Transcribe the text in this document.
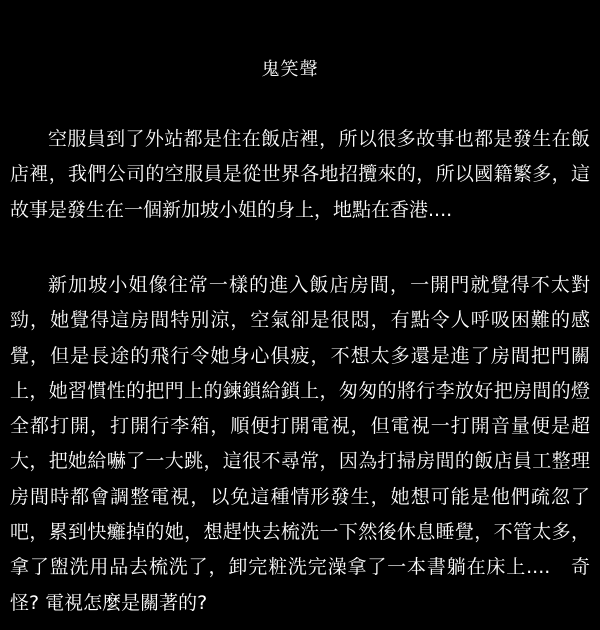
鬼笑聲

空服員到了外站都是住在飯店裡，所以很多故事也都是發生在飯店裡，我們公司的空服員是從世界各地招攬來的，所以國籍繁多，這故事是發生在一個新加坡小姐的身上，地點在香港....

新加坡小姐像往常一樣的進入飯店房間，一開門就覺得不太對勁，她覺得這房間特別涼，空氣卻是很悶，有點令人呼吸困難的感覺，但是長途的飛行令她身心俱疲，不想太多還是進了房間把門關上，她習慣性的把門上的鍊鎖給鎖上，匆匆的將行李放好把房間的燈全都打開，打開行李箱，順便打開電視，但電視一打開音量便是超大，把她給嚇了一大跳，這很不尋常，因為打掃房間的飯店員工整理房間時都會調整電視，以免這種情形發生，她想可能是他們疏忽了吧，累到快癱掉的她，想趕快去梳洗一下然後休息睡覺，不管太多，拿了盥洗用品去梳洗了，卸完粧洗完澡拿了一本書躺在床上....　奇怪? 電視怎麼是關著的?
